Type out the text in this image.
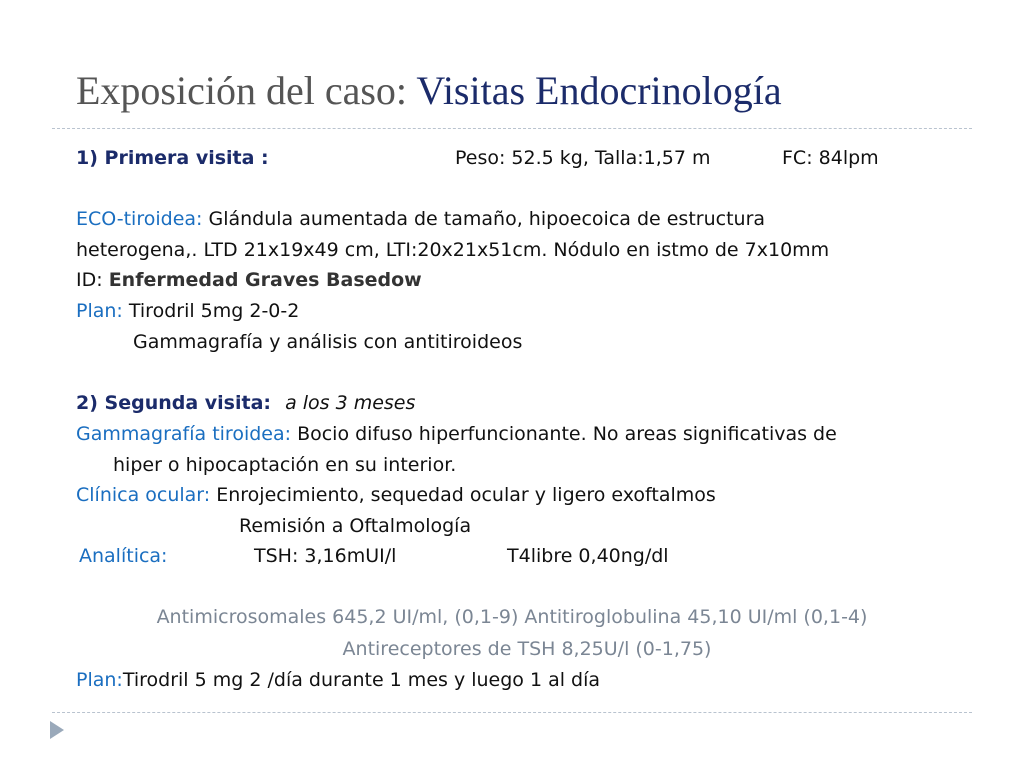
Exposición del caso: Visitas Endocrinología
1) Primera visita :	Peso: 52.5 kg, Talla:1,57 m	FC: 84lpm
ECO-tiroidea: Glándula aumentada de tamaño, hipoecoica de estructura
heterogena,. LTD 21x19x49 cm, LTI:20x21x51cm. Nódulo en istmo de 7x10mm
ID: Enfermedad Graves Basedow
Plan: Tirodril 5mg 2-0-2
Gammagrafía y análisis con antitiroideos
2) Segunda visita: a los 3 meses
Gammagrafía tiroidea: Bocio difuso hiperfuncionante. No areas significativas de
hiper o hipocaptación en su interior.
Clínica ocular: Enrojecimiento, sequedad ocular y ligero exoftalmos
Remisión a Oftalmología
Analítica:	TSH: 3,16mUI/l	T4libre 0,40ng/dl
Antimicrosomales 645,2 UI/ml, (0,1-9) Antitiroglobulina 45,10 UI/ml (0,1-4)
Antireceptores de TSH 8,25U/l (0-1,75)
Plan:Tirodril 5 mg 2 /día durante 1 mes y luego 1 al día
